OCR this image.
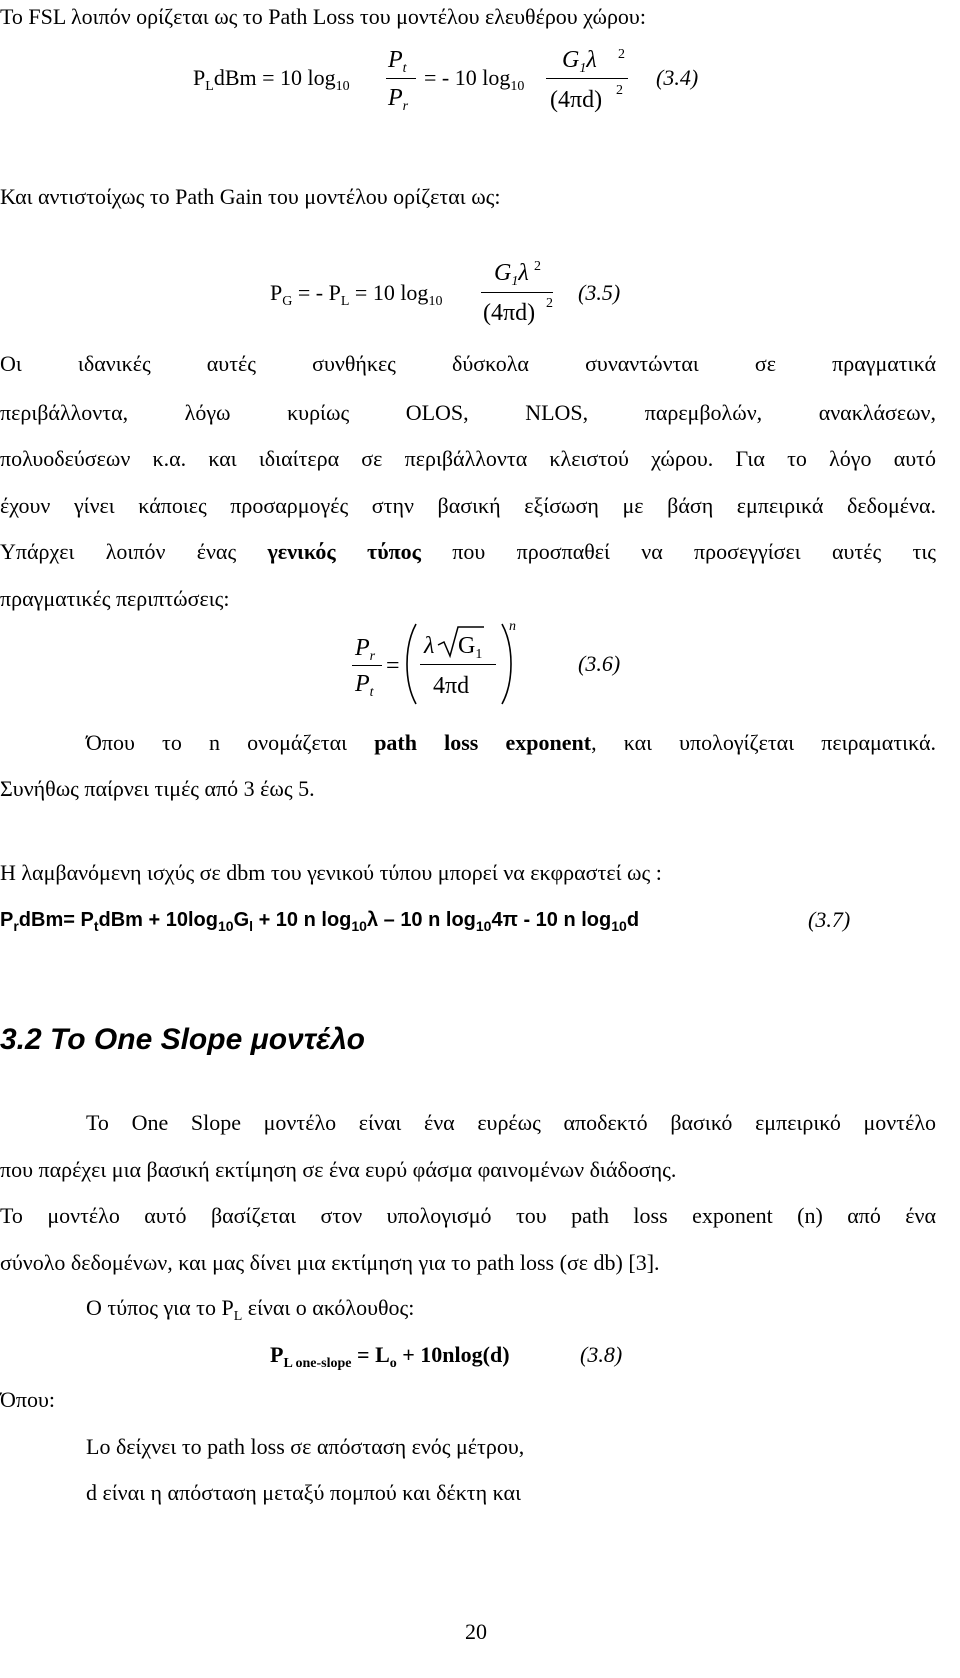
Το FSL λοιπόν ορίζεται ως το Path Loss του μοντέλου ελευθέρου χώρου:
$P_LdBm = 10$ $\log_{10}$
$P_t$
$P_r$
= - 10 $\log_{10}$
$G_1\lambda$ 2
(4πd) 2
(3.4)
Και αντιστοίχως το Path Gain του μοντέλου ορίζεται ως:
$P_G$ = - $P_L = 10$ $\log_{10}$
$G_1\lambda$ 2
(4πd) 2 (3.5)
Οι ιδανικές αυτές συνθήκες δύσκολα συναντώνται σε πραγματικά
περιβάλλοντα, λόγω κυρίως OLOS, NLOS, παρεμβολών, ανακλάσεων,
πολυοδεύσεων κ.α. και ιδιαίτερα σε περιβάλλοντα κλειστού χώρου. Για το λόγο αυτό
έχουν γίνει κάποιες προσαρμογές στην βασική εξίσωση με βάση εμπειρικά δεδομένα.
Υπάρχει λοιπόν ένας γενικός τύπος που προσπαθεί να προσεγγίσει αυτές τις
πραγματικές περιπτώσεις:
$P_r$
$P_t$
=
λ $G_1$
4πd
n
(3.6)
Όπου το n ονομάζεται path loss exponent, και υπολογίζεται πειραματικά.
Συνήθως παίρνει τιμές από 3 έως 5.
Η λαμβανόμενη ισχύς σε dbm του γενικού τύπου μπορεί να εκφραστεί ως :
$P_rdBm= P_tdBm + 10\log_{10}G_l + 10$ n $\log_{10}\lambda - 10$ n $\log_{10}4\pi - 10$ n $\log_{10}d$	(3.7)
3.2 Το One Slope μοντέλο
Το One Slope μοντέλο είναι ένα ευρέως αποδεκτό βασικό εμπειρικό μοντέλο
που παρέχει μια βασική εκτίμηση σε ένα ευρύ φάσμα φαινομένων διάδοσης.
Το μοντέλο αυτό βασίζεται στον υπολογισμό του path loss exponent (n) από ένα
σύνολο δεδομένων, και μας δίνει μια εκτίμηση για το path loss (σε db) [3].
Ο τύπος για το $P_L$ είναι ο ακόλουθος:
$P_{L one-slope} = L_o + 10nlog(d)$	(3.8)
Όπου:
Lo δείχνει το path loss σε απόσταση ενός μέτρου,
d είναι η απόσταση μεταξύ πομπού και δέκτη και
20
